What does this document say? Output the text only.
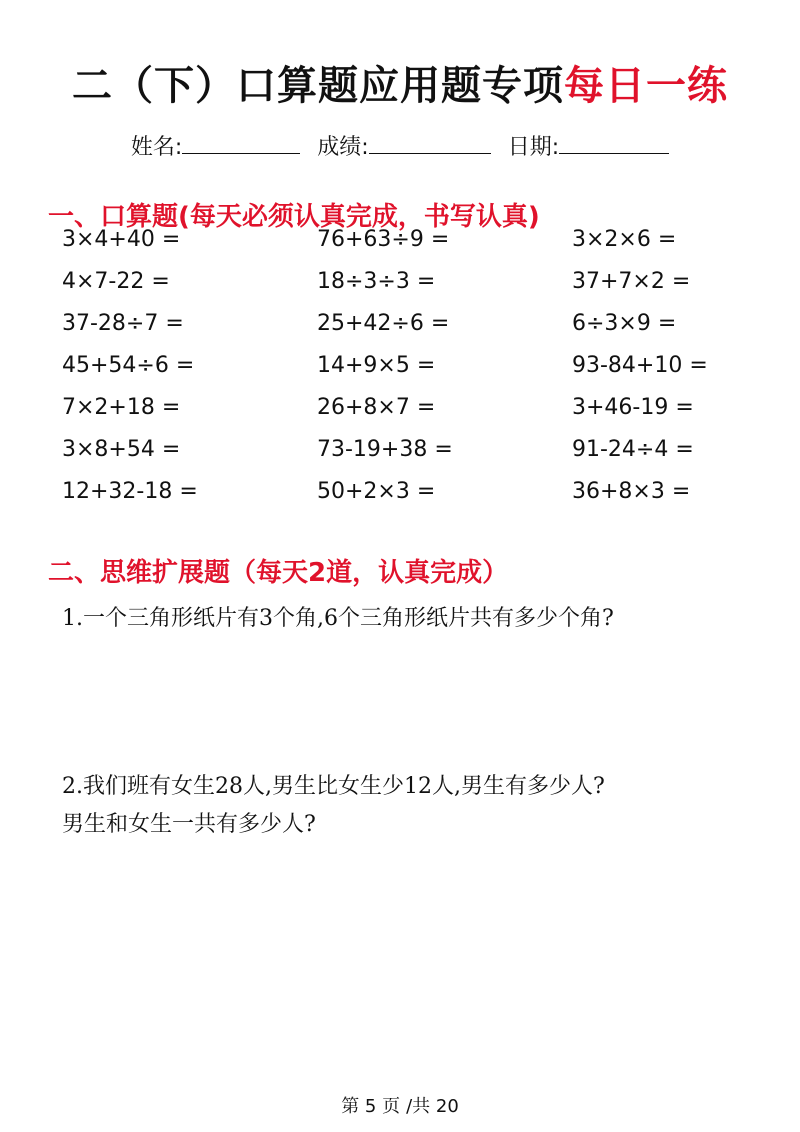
二（下）口算题应用题专项每日一练
姓名:	成绩:	日期:
一、口算题(每天必须认真完成，书写认真)
3×4+40 =	76+63÷9 =	3×2×6 =
4×7-22 =	18÷3÷3 =	37+7×2 =
37-28÷7 =	25+42÷6 =	6÷3×9 =
45+54÷6 =	14+9×5 =	93-84+10 =
7×2+18 =	26+8×7 =	3+46-19 =
3×8+54 =	73-19+38 =	91-24÷4 =
12+32-18 =	50+2×3 =	36+8×3 =
二、思维扩展题（每天2道，认真完成）
1.一个三角形纸片有3个角,6个三角形纸片共有多少个角?
2.我们班有女生28人,男生比女生少12人,男生有多少人?
男生和女生一共有多少人?
第 5 页 /共 20
